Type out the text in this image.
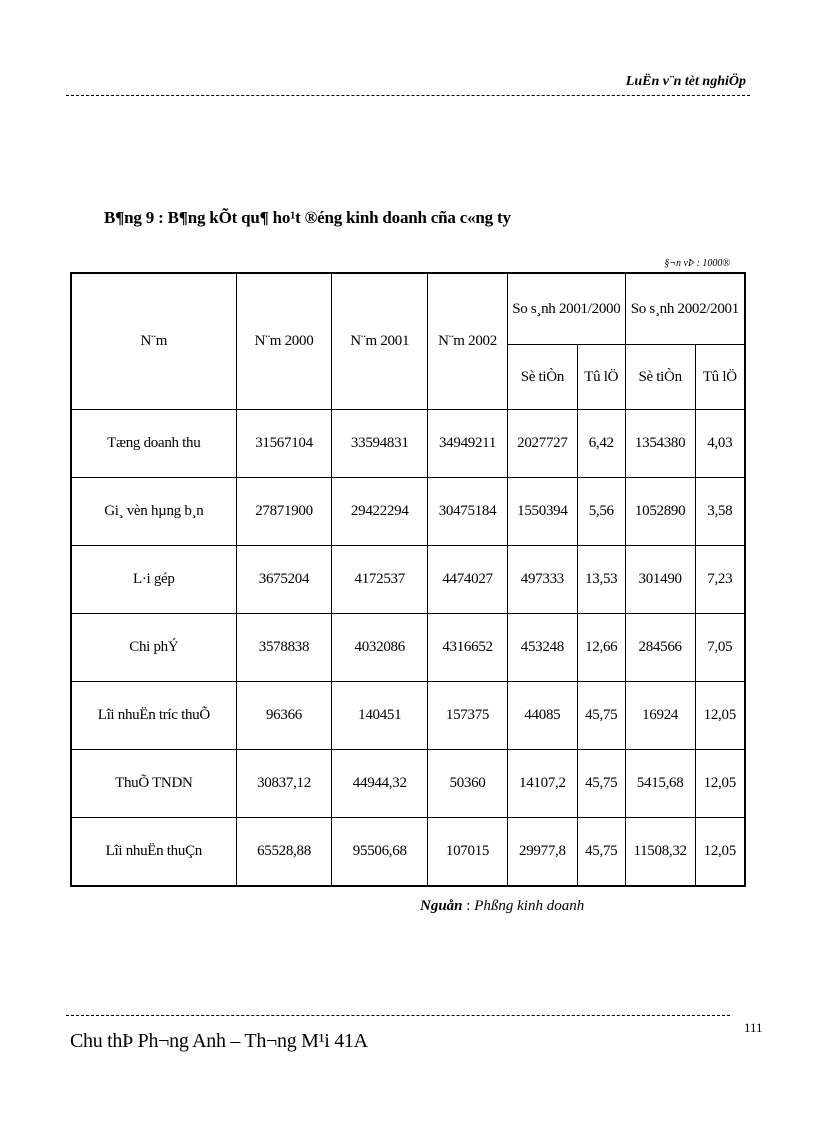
LuËn v¨n tèt nghiÖp
B¶ng 9 : B¶ng kÕt qu¶ ho¹t ®éng kinh doanh cña c«ng ty
§¬n vÞ : 1000®
N¨m	N¨m 2000	N¨m 2001	N¨m 2002	So s¸nh 2001/2000		So s¸nh 2002/2001	
				Sè tiÒn	Tû lÖ	Sè tiÒn	Tû lÖ
Tæng doanh thu	31567104	33594831	34949211	2027727	6,42	1354380	4,03
Gi¸ vèn hµng b¸n	27871900	29422294	30475184	1550394	5,56	1052890	3,58
L·i gép	3675204	4172537	4474027	497333	13,53	301490	7,23
Chi phÝ	3578838	4032086	4316652	453248	12,66	284566	7,05
Lîi nhuËn tríc thuÕ	96366	140451	157375	44085	45,75	16924	12,05
ThuÕ TNDN	30837,12	44944,32	50360	14107,2	45,75	5415,68	12,05
Lîi nhuËn thuÇn	65528,88	95506,68	107015	29977,8	45,75	11508,32	12,05
Nguån : Phßng kinh doanh
Chu thÞ Ph¬ng Anh – Th¬ng M¹i 41A
111
